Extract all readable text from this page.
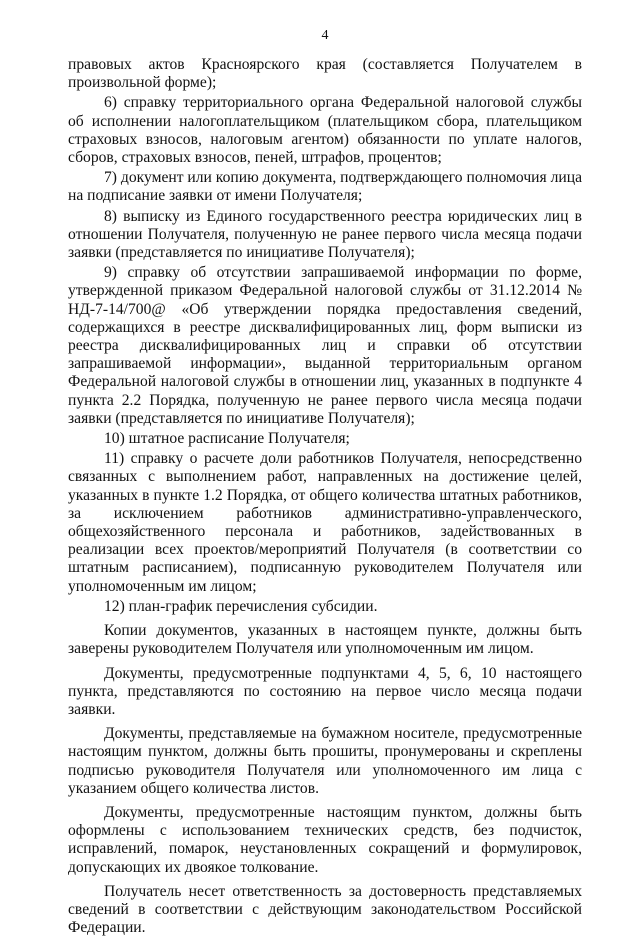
4

правовых актов Красноярского края (составляется Получателем в произвольной форме);

6) справку территориального органа Федеральной налоговой службы об исполнении налогоплательщиком (плательщиком сбора, плательщиком страховых взносов, налоговым агентом) обязанности по уплате налогов, сборов, страховых взносов, пеней, штрафов, процентов;

7) документ или копию документа, подтверждающего полномочия лица на подписание заявки от имени Получателя;

8) выписку из Единого государственного реестра юридических лиц в отношении Получателя, полученную не ранее первого числа месяца подачи заявки (представляется по инициативе Получателя);

9) справку об отсутствии запрашиваемой информации по форме, утвержденной приказом Федеральной налоговой службы от 31.12.2014 № НД-7-14/700@ «Об утверждении порядка предоставления сведений, содержащихся в реестре дисквалифицированных лиц, форм выписки из реестра дисквалифицированных лиц и справки об отсутствии запрашиваемой информации», выданной территориальным органом Федеральной налоговой службы в отношении лиц, указанных в подпункте 4 пункта 2.2 Порядка, полученную не ранее первого числа месяца подачи заявки (представляется по инициативе Получателя);

10) штатное расписание Получателя;

11) справку о расчете доли работников Получателя, непосредственно связанных с выполнением работ, направленных на достижение целей, указанных в пункте 1.2 Порядка, от общего количества штатных работников, за исключением работников административно-управленческого, общехозяйственного персонала и работников, задействованных в реализации всех проектов/мероприятий Получателя (в соответствии со штатным расписанием), подписанную руководителем Получателя или уполномоченным им лицом;

12) план-график перечисления субсидии.

Копии документов, указанных в настоящем пункте, должны быть заверены руководителем Получателя или уполномоченным им лицом.

Документы, предусмотренные подпунктами 4, 5, 6, 10 настоящего пункта, представляются по состоянию на первое число месяца подачи заявки.

Документы, представляемые на бумажном носителе, предусмотренные настоящим пунктом, должны быть прошиты, пронумерованы и скреплены подписью руководителя Получателя или уполномоченного им лица с указанием общего количества листов.

Документы, предусмотренные настоящим пунктом, должны быть оформлены с использованием технических средств, без подчисток, исправлений, помарок, неустановленных сокращений и формулировок, допускающих их двоякое толкование.

Получатель несет ответственность за достоверность представляемых сведений в соответствии с действующим законодательством Российской Федерации.
